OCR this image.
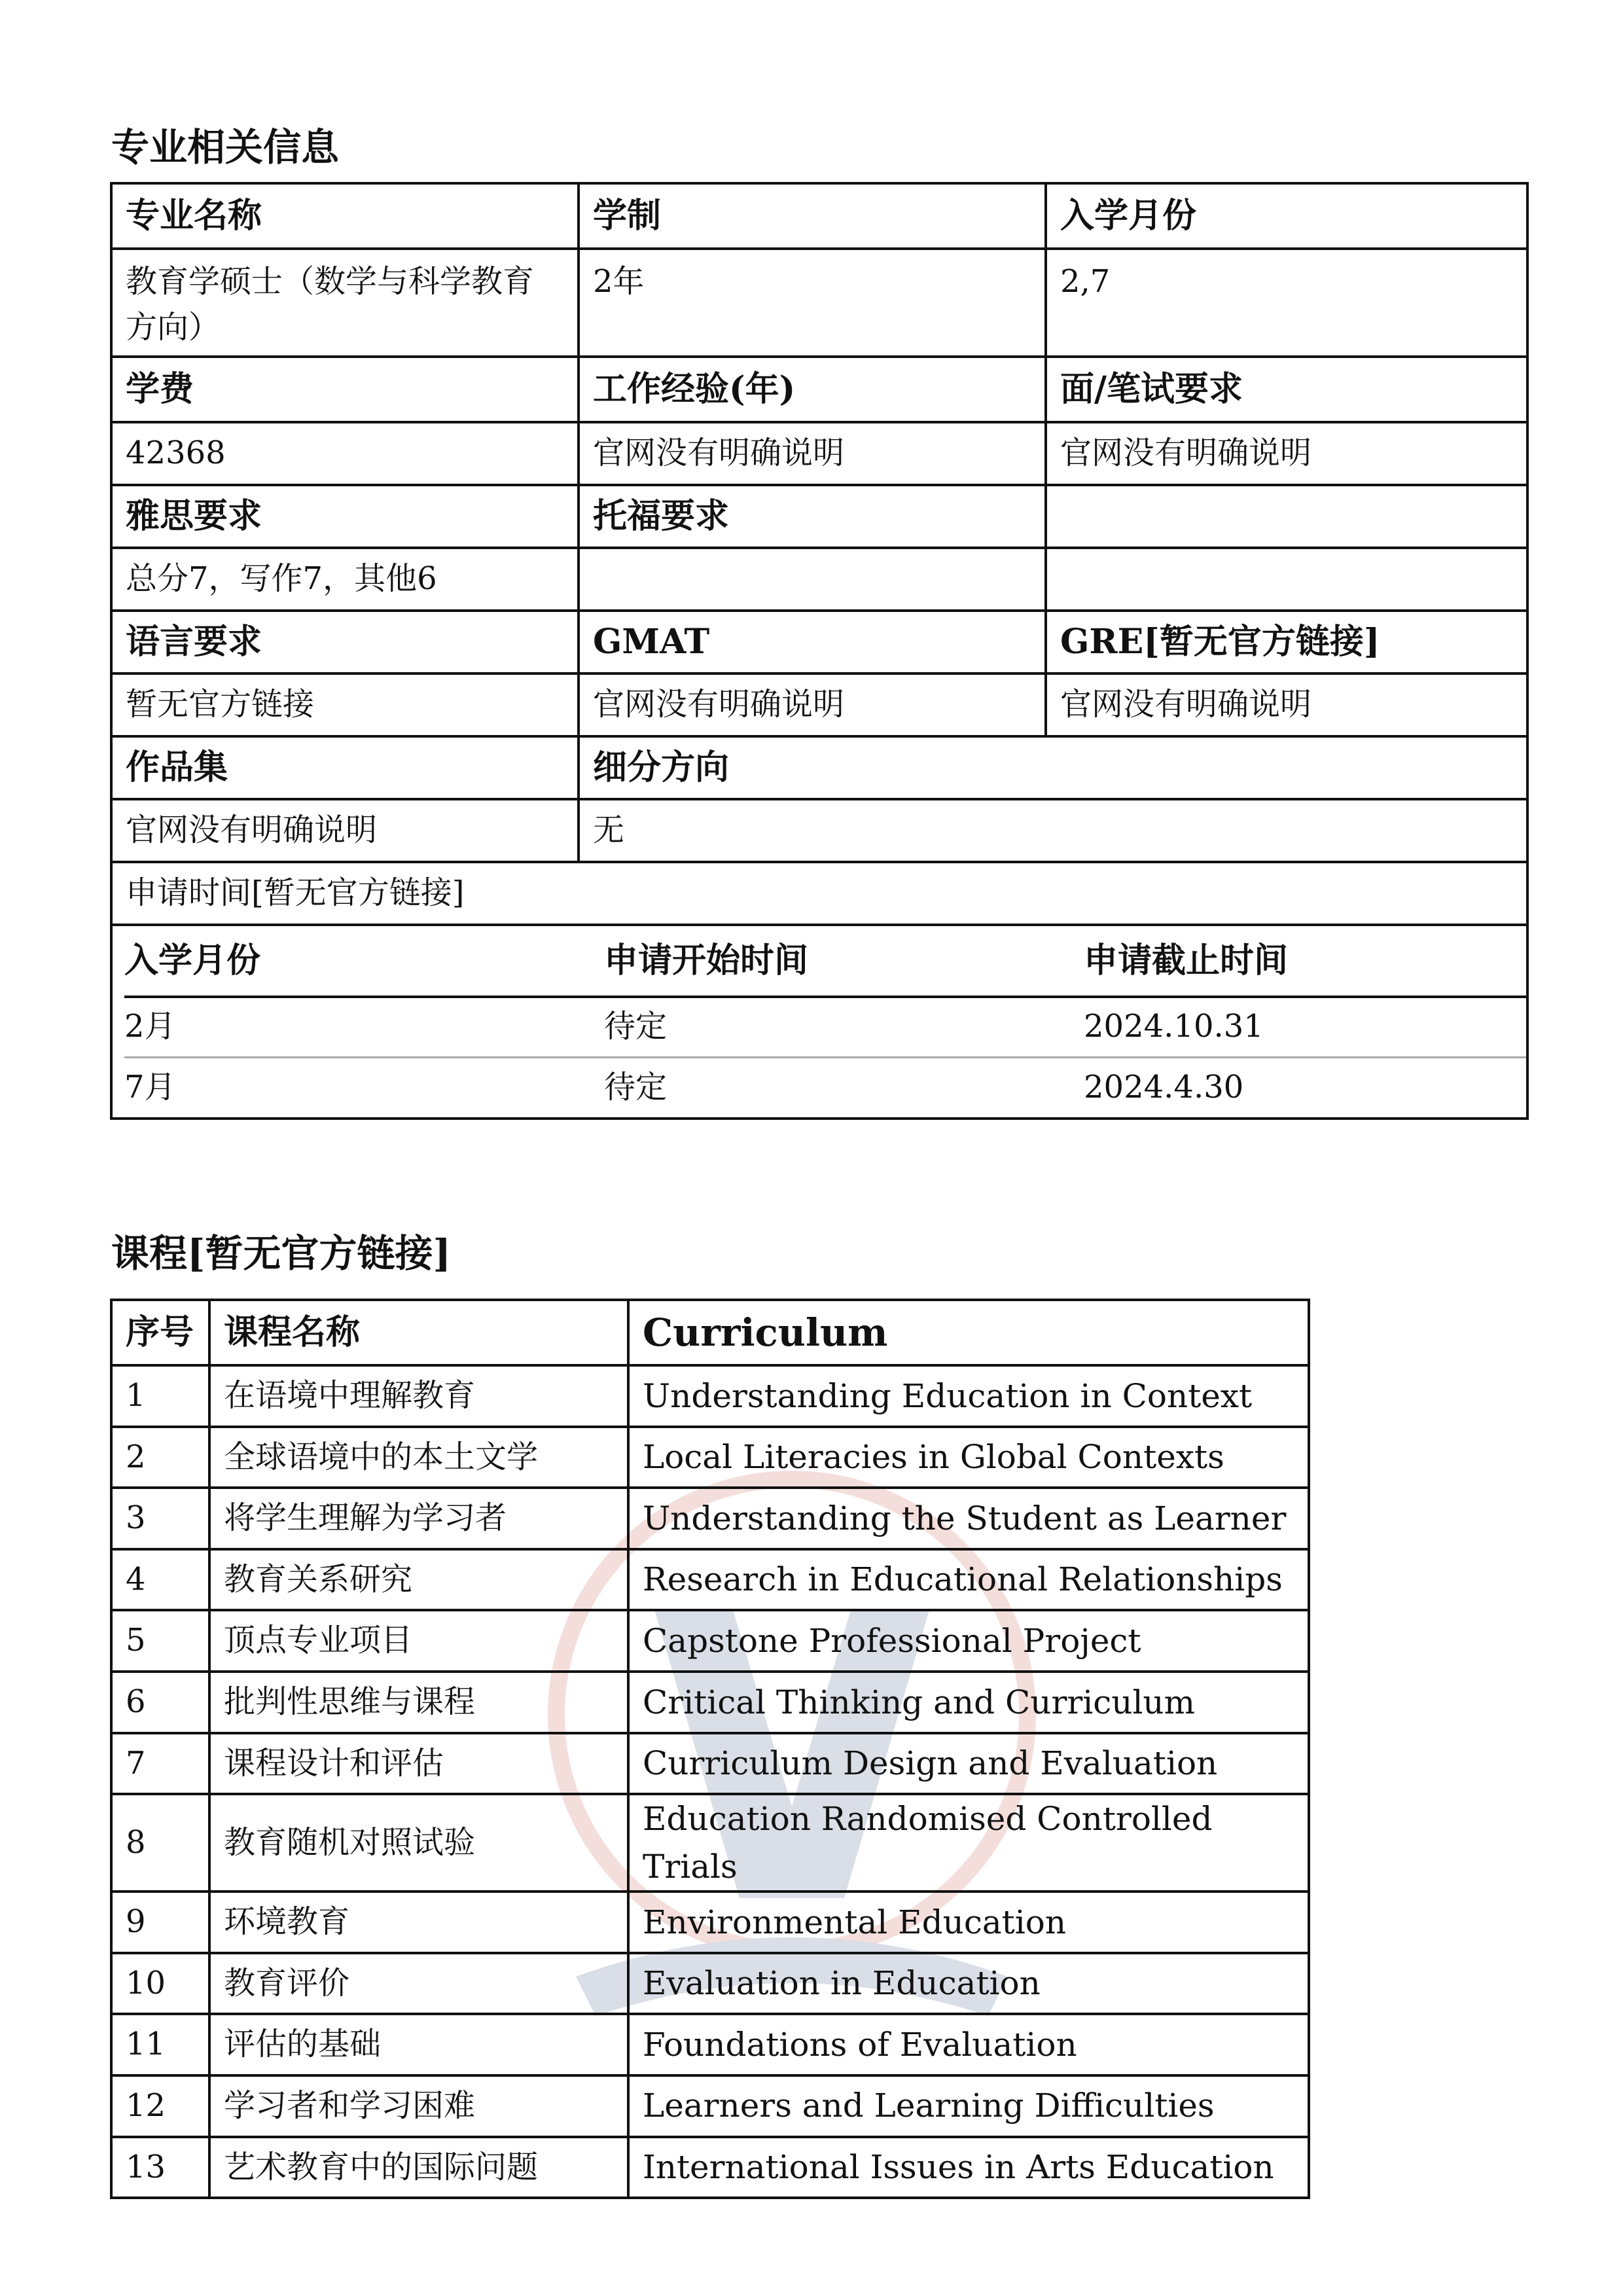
专业相关信息
专业名称	学制	入学月份
教育学硕士（数学与科学教育方向）	2年	2,7
学费	工作经验(年)	面/笔试要求
42368	官网没有明确说明	官网没有明确说明
雅思要求	托福要求	
总分7，写作7，其他6		
语言要求	GMAT	GRE[暂无官方链接]
暂无官方链接	官网没有明确说明	官网没有明确说明
作品集	细分方向
官网没有明确说明	无
申请时间[暂无官方链接]

入学月份	申请开始时间	申请截止时间
2月	待定	2024.10.31
7月	待定	2024.4.30
课程[暂无官方链接]
序号	课程名称	Curriculum
1	在语境中理解教育	Understanding Education in Context
2	全球语境中的本土文学	Local Literacies in Global Contexts
3	将学生理解为学习者	Understanding the Student as Learner
4	教育关系研究	Research in Educational Relationships
5	顶点专业项目	Capstone Professional Project
6	批判性思维与课程	Critical Thinking and Curriculum
7	课程设计和评估	Curriculum Design and Evaluation
8	教育随机对照试验	Education Randomised Controlled Trials
9	环境教育	Environmental Education
10	教育评价	Evaluation in Education
11	评估的基础	Foundations of Evaluation
12	学习者和学习困难	Learners and Learning Difficulties
13	艺术教育中的国际问题	International Issues in Arts Education
